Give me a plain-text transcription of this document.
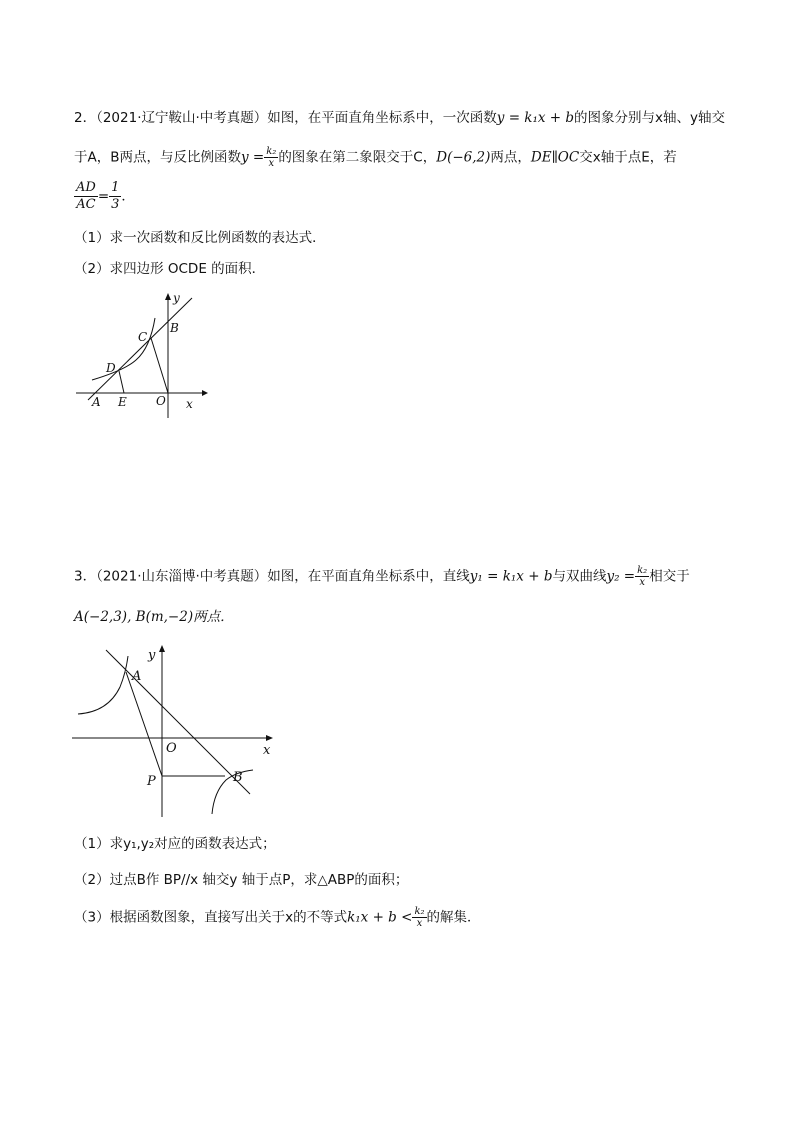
2．（2021·辽宁鞍山·中考真题）如图，在平面直角坐标系中，一次函数y = k₁x + b的图象分别与x轴、y轴交
于A，B两点，与反比例函数$y = \frac{\text{k₂}}{x}$ 的图象在第二象限交于C，D(−6,2)两点，DE∥OC交x轴于点E，若
$\frac{AD}{AC} = \frac{1}{3}$ ．
（1）求一次函数和反比例函数的表达式．
（2）求四边形 OCDE 的面积．
y
B
C
D
A E O x
3．（2021·山东淄博·中考真题）如图，在平面直角坐标系中，直线y₁ = k₁x + b与双曲线$y_2 = \frac{\text{k₂}}{x}$ 相交于
A(−2,3), B(m,−2)两点．
y
A
O	x
P	B
（1）求y₁,y₂对应的函数表达式；
（2）过点B作 BP//x 轴交y 轴于点P，求△ABP的面积；
（3）根据函数图象，直接写出关于x的不等式$k_1x + b < \frac{\text{k₂}}{x}$ 的解集．
